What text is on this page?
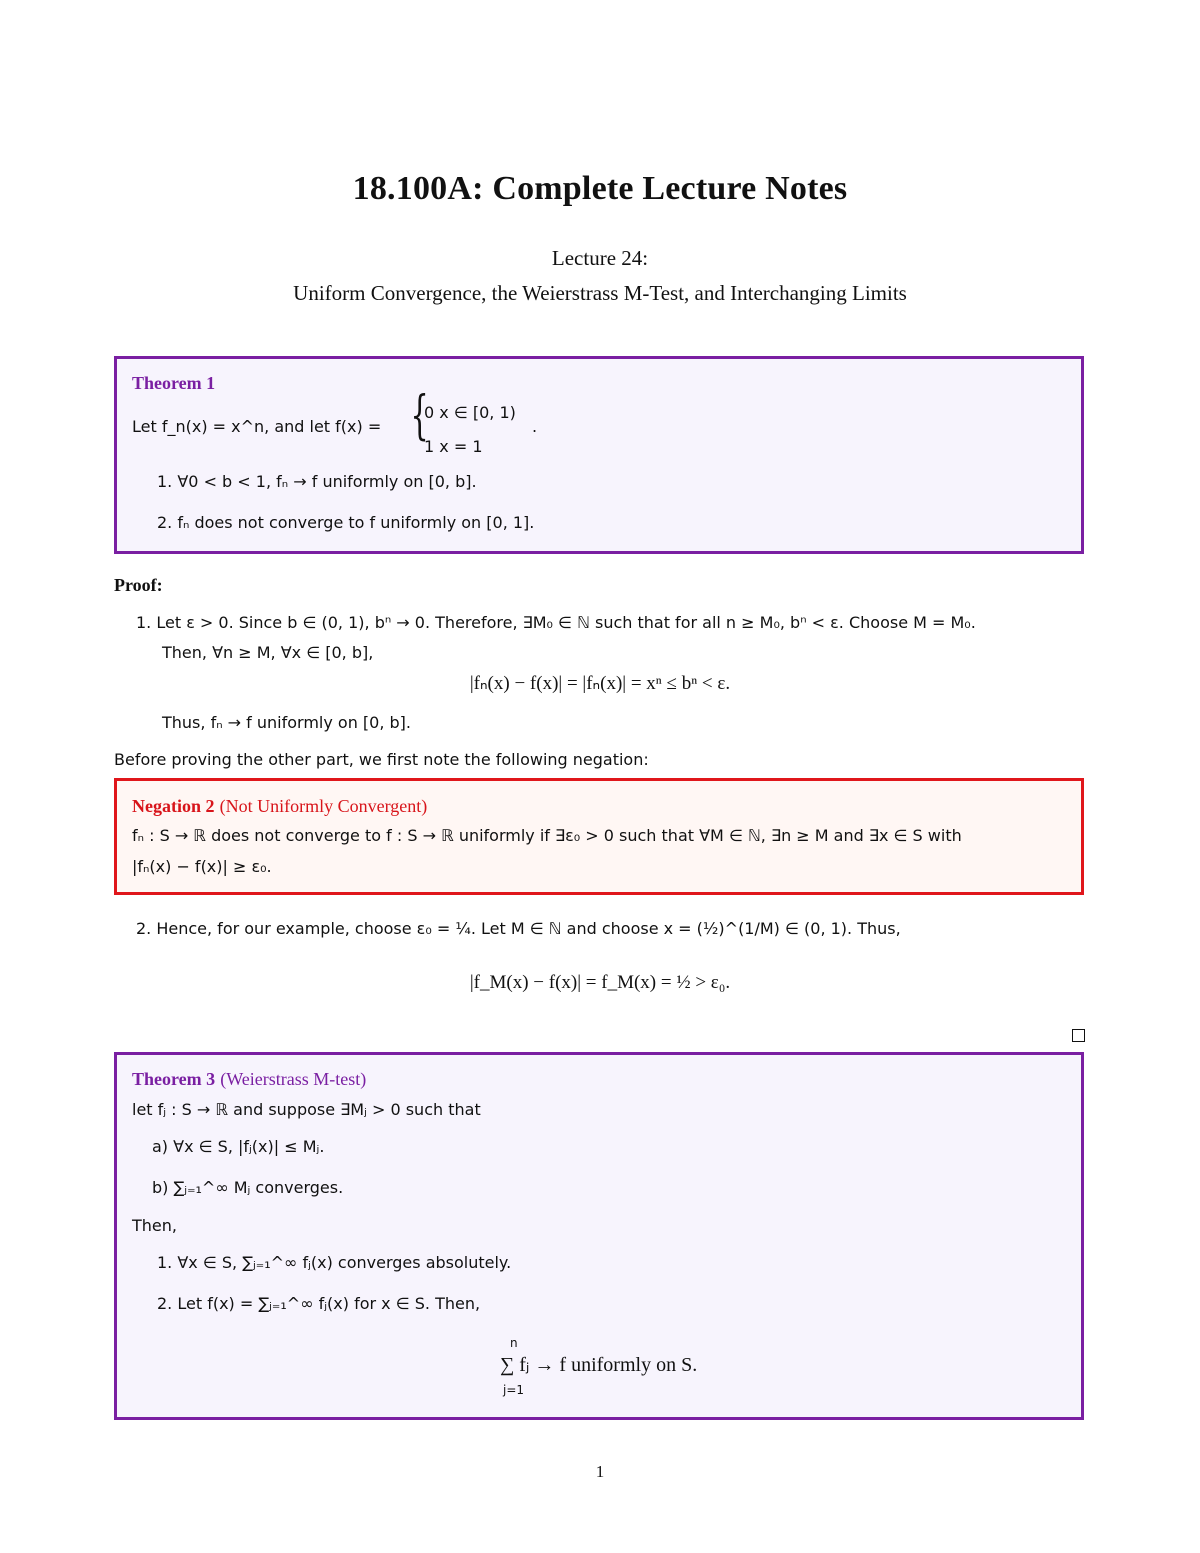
18.100A: Complete Lecture Notes
Lecture 24:
Uniform Convergence, the Weierstrass M-Test, and Interchanging Limits
Theorem 1
Let f_n(x) = x^n, and let f(x) = {
0 x ∈ [0, 1)
1 x = 1
.
1. ∀0 < b < 1, fₙ → f uniformly on [0, b].
2. fₙ does not converge to f uniformly on [0, 1].
Proof:
1. Let ε > 0. Since b ∈ (0, 1), bⁿ → 0. Therefore, ∃M₀ ∈ ℕ such that for all n ≥ M₀, bⁿ < ε. Choose M = M₀.
Then, ∀n ≥ M, ∀x ∈ [0, b],
|fₙ(x) − f(x)| = |fₙ(x)| = xⁿ ≤ bⁿ < ε.
Thus, fₙ → f uniformly on [0, b].
Before proving the other part, we first note the following negation:
Negation 2 (Not Uniformly Convergent)
fₙ : S → ℝ does not converge to f : S → ℝ uniformly if ∃ε₀ > 0 such that ∀M ∈ ℕ, ∃n ≥ M and ∃x ∈ S with
|fₙ(x) − f(x)| ≥ ε₀.
2. Hence, for our example, choose ε₀ = ¼. Let M ∈ ℕ and choose x = (½)^(1/M) ∈ (0, 1). Thus,
|f_M(x) − f(x)| = f_M(x) = ½ > ε₀.
Theorem 3 (Weierstrass M-test)
let fⱼ : S → ℝ and suppose ∃Mⱼ > 0 such that
a) ∀x ∈ S, |fⱼ(x)| ≤ Mⱼ.
b) ∑ⱼ₌₁^∞ Mⱼ converges.
Then,
1. ∀x ∈ S, ∑ⱼ₌₁^∞ fⱼ(x) converges absolutely.
2. Let f(x) = ∑ⱼ₌₁^∞ fⱼ(x) for x ∈ S. Then,
n
∑ fⱼ → f uniformly on S.
j=1
1
